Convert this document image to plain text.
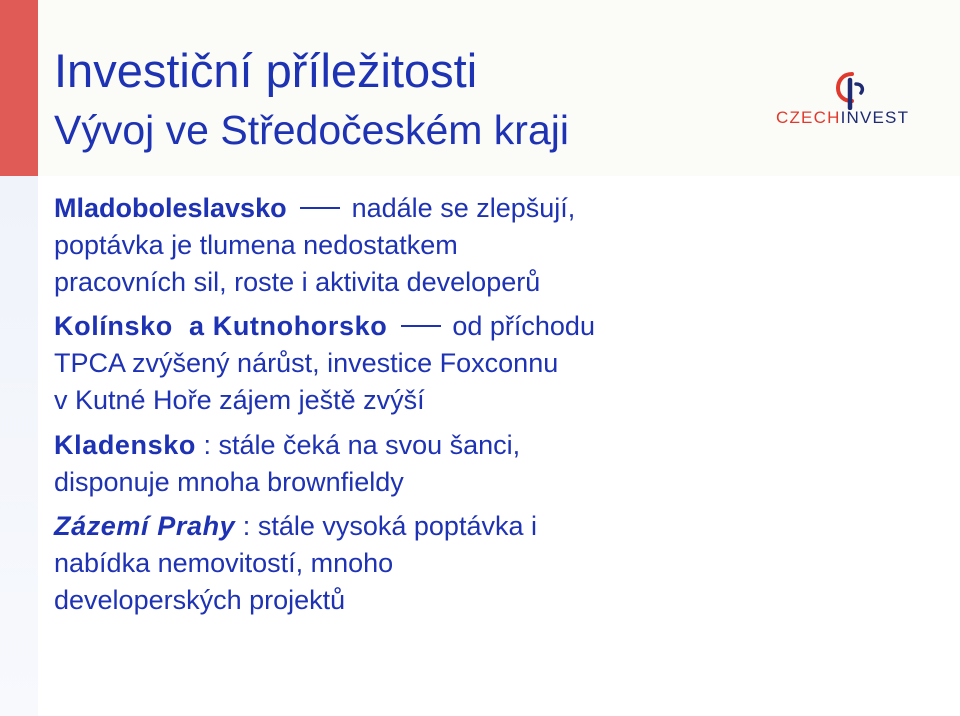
Investiční příležitosti
Vývoj ve Středočeském kraji	CZECHINVEST

Mladoboleslavsko nadále se zlepšují,
poptávka je tlumena nedostatkem
pracovních sil, roste i aktivita developerů

Kolínsko  a Kutnohorsko od příchodu
TPCA zvýšený nárůst, investice Foxconnu
v Kutné Hoře zájem ještě zvýší

Kladensko : stále čeká na svou šanci,
disponuje mnoha brownfieldy

Zázemí Prahy : stále vysoká poptávka i
nabídka nemovitostí, mnoho
developerských projektů
